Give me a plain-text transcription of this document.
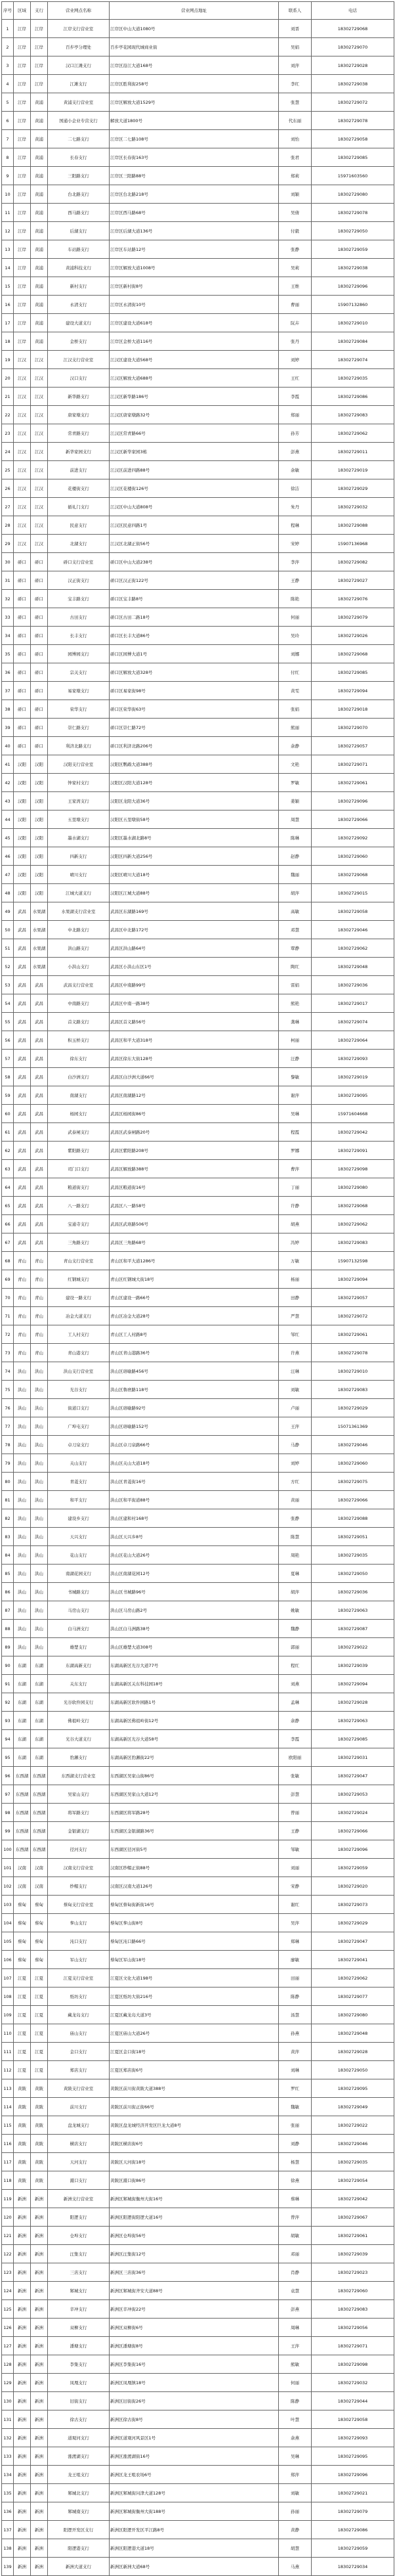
序号	区域	支行	营业网点名称	营业网点地址	联系人	电话
1	江岸	江岸	江岸支行营业室	江岸区中山大道1080号	刘晋	18302729068
2	江岸	江岸	百步亭分理处	百步亭花园现代城商业街	吴娟	18302729070
3	江岸	江岸	汉口江滩支行	江岸区沿江大道168号	刘萍	18302729028
4	江岸	江岸	江滩支行	江岸区胜利街258号	李红	18302729038
5	江岸	黄浦	黄浦支行营业室	江岸区解放大道1529号	张慧	18302729072
6	江岸	黄浦	国通小企业专营支行	解放大道1800号	代东丽	18302729078
7	江岸	黄浦	二七路支行	江岸区二七路108号	刘怡	18302729058
8	江岸	黄浦	长春支行	江岸区长春街163号	张君	18302729085
9	江岸	黄浦	三阳路支行	江岸区三阳路88号	郑莉	15971603560
10	江岸	黄浦	台北路支行	江岸区台北路218号	刘颖	18302729080
11	江岸	黄浦	西马路支行	江岸区西马路68号	吴倩	18302729078
12	江岸	黄浦	后湖支行	江岸区后湖大道136号	付毅	18302729050
13	江岸	黄浦	车站路支行	江岸区车站路12号	张静	18302729059
14	江岸	黄浦	黄浦科技支行	江岸区解放大道1008号	吴莉	18302729038
15	江岸	黄浦	新村支行	江岸区新村街8号	王维	18302729096
16	江岸	黄浦	永清支行	江岸区永清街10号	曹丽	15907132860
17	江岸	黄浦	建设大道支行	江岸区建设大道618号	阮卉	18302729010
18	江岸	黄浦	金桥支行	江岸区金桥大道116号	张丹	18302729084
19	江汉	江汉	江汉支行营业室	江汉区建设大道568号	刘婷	18302729074
20	江汉	江汉	汉口支行	江汉区解放大道688号	王红	18302729035
21	江汉	江汉	新华路支行	江汉区新华路186号	李霞	18302729086
22	江汉	江汉	唐家墩支行	江汉区唐家墩路32号	郑丽	18302729083
23	江汉	江汉	常青路支行	江汉区常青路66号	孙芳	18302729062
24	江汉	江汉	新华家园支行	江汉区新华家园3栋	彭燕	18302729011
25	江汉	江汉	前进支行	江汉区前进四路88号	余敏	18302729019
26	江汉	江汉	花楼街支行	江汉区花楼街126号	徐洁	18302729029
27	江汉	江汉	循礼门支行	江汉区中山大道808号	朱丹	18302729032
28	江汉	江汉	民意支行	江汉区民意四路1号	程琳	18302729088
29	江汉	江汉	北湖支行	江汉区北湖正街56号	宋婷	15907136968
30	硚口	硚口	硚口支行营业室	硚口区中山大道238号	李萍	18302729082
31	硚口	硚口	汉正街支行	硚口区汉正街122号	王静	18302729027
32	硚口	硚口	宝丰路支行	硚口区宝丰路8号	陈艳	18302729076
33	硚口	硚口	古田支行	硚口区古田二路18号	何丽	18302729079
34	硚口	硚口	长丰支行	硚口区长丰大道86号	吴玲	18302729026
35	硚口	硚口	园博园支行	硚口区园博大道1号	刘娜	18302729068
36	硚口	硚口	宗关支行	硚口区解放大道328号	付红	18302729085
37	硚口	硚口	易家墩支行	硚口区易家街98号	黄雯	18302729094
38	硚口	硚口	荣华支行	硚口区荣华街63号	张娟	18302729018
39	硚口	硚口	崇仁路支行	硚口区崇仁路72号	熊丽	18302729070
40	硚口	硚口	利济北路支行	硚口区利济北路206号	余静	18302729057
41	汉阳	汉阳	汉阳支行营业室	汉阳区鹦鹉大道388号	文艳	18302729071
42	汉阳	汉阳	钟家村支行	汉阳区汉阳大道128号	罗敏	18302729061
43	汉阳	汉阳	王家湾支行	汉阳区龙阳大道36号	姜颖	18302729096
44	汉阳	汉阳	五里墩支行	汉阳区五里墩街58号	周慧	18302729066
45	汉阳	汉阳	墨水湖支行	汉阳区墨水湖北路8号	陈琳	18302729092
46	汉阳	汉阳	四新支行	汉阳区四新大道256号	赵静	18302729060
47	汉阳	汉阳	晴川支行	汉阳区晴川大道18号	魏丽	18302729068
48	汉阳	汉阳	江城大道支行	汉阳区江城大道88号	胡萍	18302729015
49	武昌	水果湖	水果湖支行营业室	武昌区东湖路169号	高敏	18302729058
50	武昌	水果湖	中北路支行	武昌区中北路172号	邓慧	18302729046
51	武昌	水果湖	洪山路支行	武昌区洪山路64号	覃静	18302729062
52	武昌	水果湖	小洪山支行	武昌区小洪山东区1号	陶红	18302729048
53	武昌	武昌	武昌支行营业室	武昌区中南路99号	雷娟	18302729036
54	武昌	武昌	中南路支行	武昌区中南一路38号	熊艳	18302729017
55	武昌	武昌	首义路支行	武昌区首义路56号	龚琳	18302729074
56	武昌	武昌	积玉桥支行	武昌区和平大道318号	柯丽	18302729064
57	武昌	武昌	徐东支行	武昌区徐东大街128号	汪静	18302729093
58	武昌	武昌	白沙洲支行	武昌区白沙洲大道66号	黎敏	18302729019
59	武昌	武昌	南湖支行	武昌区南湖路12号	谢萍	18302729095
60	武昌	武昌	杨园支行	武昌区杨园街86号	吴琳	15971604668
61	武昌	武昌	武泰闸支行	武昌区武泰闸路20号	程霞	18302729042
62	武昌	武昌	紫阳路支行	武昌区紫阳路208号	罗娜	18302729091
63	武昌	武昌	司门口支行	武昌区解放路388号	曹萍	18302729098
64	武昌	武昌	粮道街支行	武昌区粮道街16号	丁丽	18302729080
65	武昌	武昌	八一路支行	武昌区八一路58号	许静	18302729068
66	武昌	武昌	宝通寺支行	武昌区武珞路506号	胡燕	18302729062
67	武昌	武昌	三角路支行	武昌区三角路68号	冯婷	18302729083
68	青山	青山	青山支行营业室	青山区和平大道1286号	万敏	15907132598
69	青山	青山	红钢城支行	青山区红钢城大街18号	杨丽	18302729094
70	青山	青山	建设一路支行	青山区建设一路66号	田静	18302729057
71	青山	青山	冶金大道支行	青山区冶金大道28号	严慧	18302729072
72	青山	青山	工人村支行	青山区工人村路8号	邹红	18302729061
73	青山	青山	青山港支行	青山区青山港路36号	许燕	18302729078
74	洪山	洪山	洪山支行营业室	洪山区珞喻路456号	汪琳	18302729010
75	洪山	洪山	光谷支行	洪山区鲁磨路118号	刘敏	18302729083
76	洪山	洪山	街道口支行	洪山区珞喻路92号	卢丽	18302729029
77	洪山	洪山	广埠屯支行	洪山区珞喻路152号	王萍	15071361369
78	洪山	洪山	卓刀泉支行	洪山区卓刀泉路66号	马静	18302729046
79	洪山	洪山	关山支行	洪山区关山大道18号	刘婷	18302729060
80	洪山	洪山	青菱支行	洪山区青菱街16号	方红	18302729075
81	洪山	洪山	和平支行	洪山区和平街道88号	黄丽	18302729066
82	洪山	洪山	建设乡支行	洪山区建和村168号	张静	18302729088
83	洪山	洪山	天兴支行	洪山区天兴乡8号	陈慧	18302729051
84	洪山	洪山	花山支行	洪山区花山大道26号	周艳	18302729035
85	洪山	洪山	南湖花园支行	洪山区南湖花园12号	夏琳	18302729050
86	洪山	洪山	书城路支行	洪山区书城路96号	胡萍	18302729036
87	洪山	洪山	马房山支行	洪山区马房山路2号	姚敏	18302729063
88	洪山	洪山	白马洲支行	洪山区白马洲路38号	魏静	18302729087
89	洪山	洪山	雄楚支行	洪山区雄楚大道308号	郭丽	18302729022
90	东湖	东湖	东湖高新支行	东湖高新区光谷大道77号	程红	18302729039
91	东湖	东湖	关东支行	东湖高新区关东科技园18号	刘燕	18302729094
92	东湖	东湖	光谷软件园支行	东湖高新区软件园路1号	孟琳	18302729028
93	东湖	东湖	佛祖岭支行	东湖高新区佛祖岭街12号	余静	18302729063
94	东湖	东湖	光谷大道支行	东湖高新区光谷大道58号	李霞	18302729085
95	东湖	东湖	豹澥支行	东湖高新区豹澥街22号	欧阳丽	18302729031
96	东西湖	东西湖	东西湖支行营业室	东西湖区吴家山街86号	张敏	18302729047
97	东西湖	东西湖	吴家山支行	东西湖区吴家山大道12号	彭慧	18302729053
98	东西湖	东西湖	将军路支行	东西湖区将军路28号	曾丽	18302729024
99	东西湖	东西湖	金银湖支行	东西湖区金银湖路36号	王静	18302729066
100	东西湖	东西湖	径河支行	东西湖区径河街5号	邹敏	18302729096
101	汉南	汉南	汉南支行营业室	汉南区纱帽正街88号	刘丽	18302729059
102	汉南	汉南	纱帽支行	汉南区汉南大道126号	宋静	18302729020
103	蔡甸	蔡甸	蔡甸支行营业室	蔡甸区蔡甸街新街16号	谢红	18302729073
104	蔡甸	蔡甸	奓山支行	蔡甸区奓山街8号	吴萍	18302729029
105	蔡甸	蔡甸	沌口支行	蔡甸区沌口路66号	郑琳	18302729047
106	蔡甸	蔡甸	军山支行	蔡甸区军山街18号	廖敏	18302729041
107	江夏	江夏	江夏支行营业室	江夏区文化大道198号	田丽	18302729062
108	江夏	江夏	纸坊支行	江夏区纸坊大街216号	陈静	18302729077
109	江夏	江夏	藏龙岛支行	江夏区藏龙岛大道3号	汤慧	18302729080
110	江夏	江夏	庙山支行	江夏区庙山大道26号	孙燕	18302729048
111	江夏	江夏	金口支行	江夏区金口街18号	黄萍	18302729028
112	江夏	江夏	郑店支行	江夏区郑店街6号	刘琳	18302729050
113	黄陂	黄陂	黄陂支行营业室	黄陂区前川街黄陂大道388号	罗红	18302729095
114	黄陂	黄陂	前川支行	黄陂区前川街正街66号	魏敏	18302729049
115	黄陂	黄陂	盘龙城支行	黄陂区盘龙城经济开发区巨龙大道8号	张丽	18302729022
116	黄陂	黄陂	横店支行	黄陂区横店街6号	刘静	18302729046
117	黄陂	黄陂	天河支行	黄陂区天河街18号	杨慧	18302729035
118	黄陂	黄陂	滠口支行	黄陂区滠口街86号	徐燕	18302729054
119	新洲	新洲	新洲支行营业室	新洲区邾城街衡州大街16号	蔡琳	18302729042
120	新洲	新洲	阳逻支行	新洲区阳逻街阳逻大道16号	曾萍	18302729067
121	新洲	新洲	仓埠支行	新洲区仓埠街56号	胡敏	18302729061
122	新洲	新洲	汪集支行	新洲区汪集街12号	邓丽	18302729039
123	新洲	新洲	三店支行	新洲区三店街36号	肖静	18302729023
124	新洲	新洲	邾城支行	新洲区邾城街齐安大道88号	袁慧	18302729060
125	新洲	新洲	辛冲支行	新洲区辛冲街22号	彭燕	18302729083
126	新洲	新洲	双柳支行	新洲区双柳街6号	周琳	18302729056
127	新洲	新洲	潘塘支行	新洲区潘塘街8号	王萍	18302729071
128	新洲	新洲	李集支行	新洲区李集街16号	熊敏	18302729098
129	新洲	新洲	凤凰支行	新洲区凤凰镇18号	何丽	18302729032
130	新洲	新洲	旧街支行	新洲区旧街街26号	陈静	18302729044
131	新洲	新洲	徐古支行	新洲区徐古街8号	叶慧	18302729058
132	新洲	新洲	道观河支行	新洲区道观河风景区1号	余燕	18302729093
133	新洲	新洲	涨渡湖支行	新洲区涨渡湖街16号	吴琳	18302729095
134	新洲	新洲	龙王咀支行	新洲区龙王咀农场6号	郑萍	18302729096
135	新洲	新洲	邾城北支行	新洲区邾城街问津大道128号	刘敏	18302729021
136	新洲	新洲	邾城南支行	新洲区邾城街衡州大街188号	孙丽	18302729079
137	新洲	新洲	阳逻开发区支行	新洲区阳逻开发区平江路8号	黄静	18302729086
138	新洲	新洲	阳逻港支行	新洲区阳逻港大道18号	胡慧	18302729059
139	新洲	新洲	新洲大道支行	新洲区新洲大道68号	马燕	18302729034
